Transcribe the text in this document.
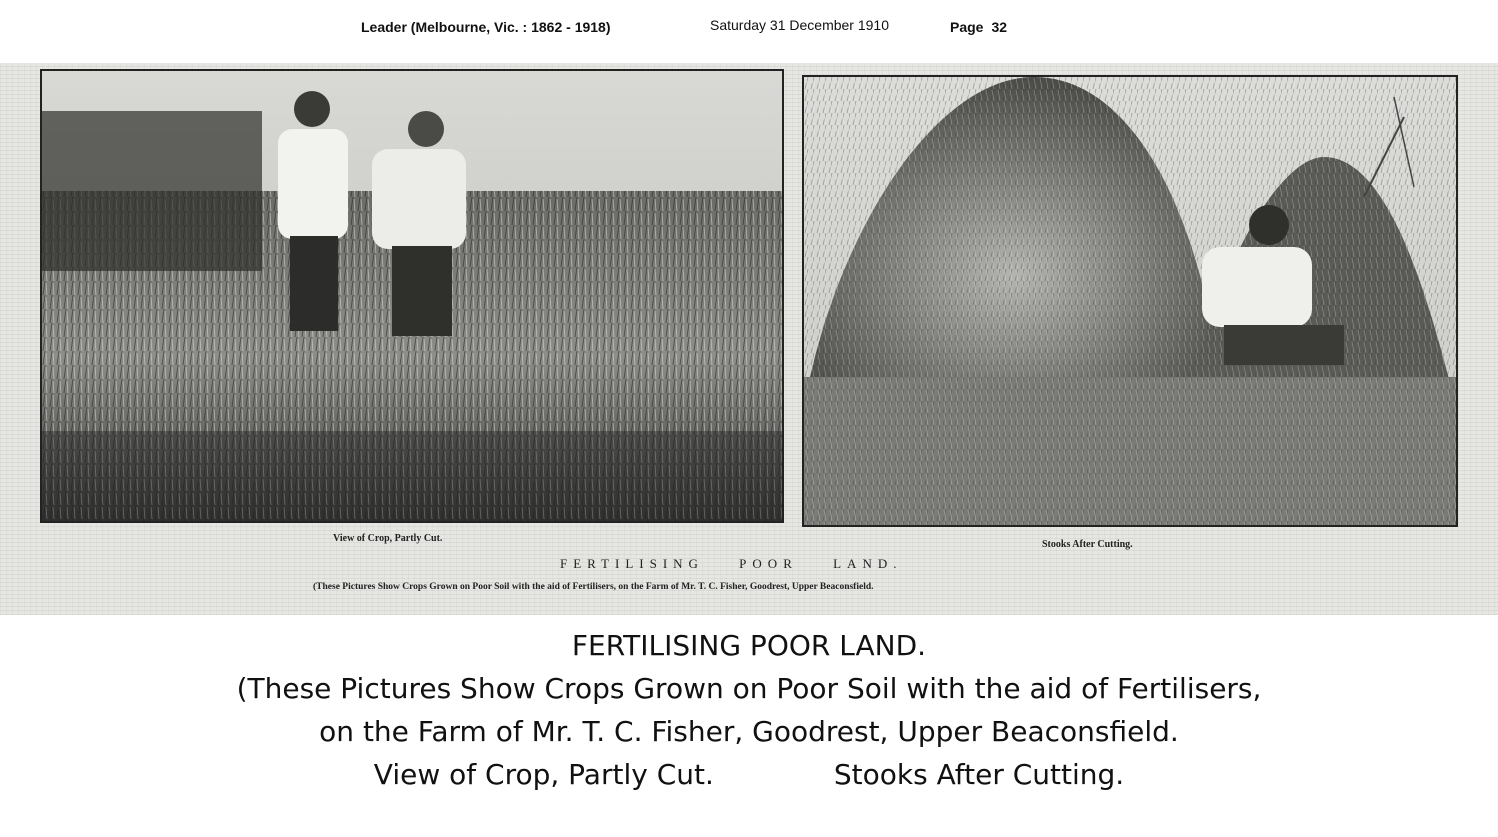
Leader (Melbourne, Vic. : 1862 - 1918)	Saturday 31 December 1910	Page 32
View of Crop, Partly Cut.
Stooks After Cutting.
FERTILISING POOR LAND.
(These Pictures Show Crops Grown on Poor Soil with the aid of Fertilisers, on the Farm of Mr. T. C. Fisher, Goodrest, Upper Beaconsfield.
FERTILISING POOR LAND.
(These Pictures Show Crops Grown on Poor Soil with the aid of Fertilisers,
on the Farm of Mr. T. C. Fisher, Goodrest, Upper Beaconsfield.
View of Crop, Partly Cut.	Stooks After Cutting.
